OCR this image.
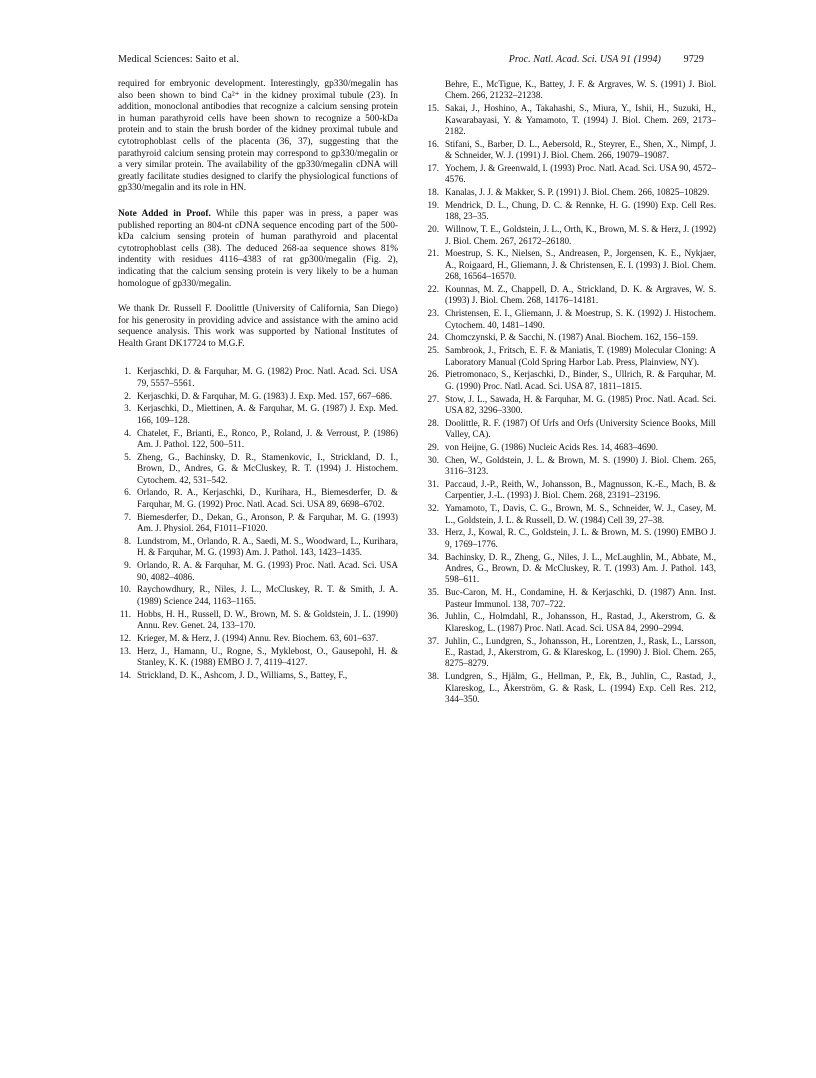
Medical Sciences: Saito et al.	Proc. Natl. Acad. Sci. USA 91 (1994) 9729

required for embryonic development. Interestingly, gp330/megalin has also been shown to bind Ca²⁺ in the kidney proximal tubule (23). In addition, monoclonal antibodies that recognize a calcium sensing protein in human parathyroid cells have been shown to recognize a 500-kDa protein and to stain the brush border of the kidney proximal tubule and cytotrophoblast cells of the placenta (36, 37), suggesting that the parathyroid calcium sensing protein may correspond to gp330/megalin or a very similar protein. The availability of the gp330/megalin cDNA will greatly facilitate studies designed to clarify the physiological functions of gp330/megalin and its role in HN.

Note Added in Proof. While this paper was in press, a paper was published reporting an 804-nt cDNA sequence encoding part of the 500-kDa calcium sensing protein of human parathyroid and placental cytotrophoblast cells (38). The deduced 268-aa sequence shows 81% indentity with residues 4116–4383 of rat gp300/megalin (Fig. 2), indicating that the calcium sensing protein is very likely to be a human homologue of gp330/megalin.

We thank Dr. Russell F. Doolittle (University of California, San Diego) for his generosity in providing advice and assistance with the amino acid sequence analysis. This work was supported by National Institutes of Health Grant DK17724 to M.G.F.

1 . Kerjaschki, D. & Farquhar, M. G. (1982) Proc. Natl. Acad. Sci. USA 79, 5557–5561.
2 . Kerjaschki, D. & Farquhar, M. G. (1983) J. Exp. Med. 157, 667–686.
3 . Kerjaschki, D., Miettinen, A. & Farquhar, M. G. (1987) J. Exp. Med. 166, 109–128.
4 . Chatelet, F., Brianti, E., Ronco, P., Roland, J. & Verroust, P. (1986) Am. J. Pathol. 122, 500–511.
5 . Zheng, G., Bachinsky, D. R., Stamenkovic, I., Strickland, D. I., Brown, D., Andres, G. & McCluskey, R. T. (1994) J. Histochem. Cytochem. 42, 531–542.
6 . Orlando, R. A., Kerjaschki, D., Kurihara, H., Biemesderfer, D. & Farquhar, M. G. (1992) Proc. Natl. Acad. Sci. USA 89, 6698–6702.
7 . Biemesderfer, D., Dekan, G., Aronson, P. & Farquhar, M. G. (1993) Am. J. Physiol. 264, F1011–F1020.
8 . Lundstrom, M., Orlando, R. A., Saedi, M. S., Woodward, L., Kurihara, H. & Farquhar, M. G. (1993) Am. J. Pathol. 143, 1423–1435.
9 . Orlando, R. A. & Farquhar, M. G. (1993) Proc. Natl. Acad. Sci. USA 90, 4082–4086.
10 . Raychowdhury, R., Niles, J. L., McCluskey, R. T. & Smith, J. A. (1989) Science 244, 1163–1165.
11 . Hobbs, H. H., Russell, D. W., Brown, M. S. & Goldstein, J. L. (1990) Annu. Rev. Genet. 24, 133–170.
12 . Krieger, M. & Herz, J. (1994) Annu. Rev. Biochem. 63, 601–637.
13 . Herz, J., Hamann, U., Rogne, S., Myklebost, O., Gausepohl, H. & Stanley, K. K. (1988) EMBO J. 7, 4119–4127.
14 . Strickland, D. K., Ashcom, J. D., Williams, S., Battey, F.,
Behre, E., McTigue, K., Battey, J. F. & Argraves, W. S. (1991) J. Biol. Chem. 266, 21232–21238.
15 . Sakai, J., Hoshino, A., Takahashi, S., Miura, Y., Ishii, H., Suzuki, H., Kawarabayasi, Y. & Yamamoto, T. (1994) J. Biol. Chem. 269, 2173–2182.
16 . Stifani, S., Barber, D. L., Aebersold, R., Steyrer, E., Shen, X., Nimpf, J. & Schneider, W. J. (1991) J. Biol. Chem. 266, 19079–19087.
17 . Yochem, J. & Greenwald, I. (1993) Proc. Natl. Acad. Sci. USA 90, 4572–4576.
18 . Kanalas, J. J. & Makker, S. P. (1991) J. Biol. Chem. 266, 10825–10829.
19 . Mendrick, D. L., Chung, D. C. & Rennke, H. G. (1990) Exp. Cell Res. 188, 23–35.
20 . Willnow, T. E., Goldstein, J. L., Orth, K., Brown, M. S. & Herz, J. (1992) J. Biol. Chem. 267, 26172–26180.
21 . Moestrup, S. K., Nielsen, S., Andreasen, P., Jorgensen, K. E., Nykjaer, A., Roigaard, H., Gliemann, J. & Christensen, E. I. (1993) J. Biol. Chem. 268, 16564–16570.
22 . Kounnas, M. Z., Chappell, D. A., Strickland, D. K. & Argraves, W. S. (1993) J. Biol. Chem. 268, 14176–14181.
23 . Christensen, E. I., Gliemann, J. & Moestrup, S. K. (1992) J. Histochem. Cytochem. 40, 1481–1490.
24 . Chomczynski, P. & Sacchi, N. (1987) Anal. Biochem. 162, 156–159.
25 . Sambrook, J., Fritsch, E. F. & Maniatis, T. (1989) Molecular Cloning: A Laboratory Manual (Cold Spring Harbor Lab. Press, Plainview, NY).
26 . Pietromonaco, S., Kerjaschki, D., Binder, S., Ullrich, R. & Farquhar, M. G. (1990) Proc. Natl. Acad. Sci. USA 87, 1811–1815.
27 . Stow, J. L., Sawada, H. & Farquhar, M. G. (1985) Proc. Natl. Acad. Sci. USA 82, 3296–3300.
28 . Doolittle, R. F. (1987) Of Urfs and Orfs (University Science Books, Mill Valley, CA).
29 . von Heijne, G. (1986) Nucleic Acids Res. 14, 4683–4690.
30 . Chen, W., Goldstein, J. L. & Brown, M. S. (1990) J. Biol. Chem. 265, 3116–3123.
31 . Paccaud, J.-P., Reith, W., Johansson, B., Magnusson, K.-E., Mach, B. & Carpentier, J.-L. (1993) J. Biol. Chem. 268, 23191–23196.
32 . Yamamoto, T., Davis, C. G., Brown, M. S., Schneider, W. J., Casey, M. L., Goldstein, J. L. & Russell, D. W. (1984) Cell 39, 27–38.
33 . Herz, J., Kowal, R. C., Goldstein, J. L. & Brown, M. S. (1990) EMBO J. 9, 1769–1776.
34 . Bachinsky, D. R., Zheng, G., Niles, J. L., McLaughlin, M., Abbate, M., Andres, G., Brown, D. & McCluskey, R. T. (1993) Am. J. Pathol. 143, 598–611.
35 . Buc-Caron, M. H., Condamine, H. & Kerjaschki, D. (1987) Ann. Inst. Pasteur Immunol. 138, 707–722.
36 . Juhlin, C., Holmdahl, R., Johansson, H., Rastad, J., Akerstrom, G. & Klareskog, L. (1987) Proc. Natl. Acad. Sci. USA 84, 2990–2994.
37 . Juhlin, C., Lundgren, S., Johansson, H., Lorentzen, J., Rask, L., Larsson, E., Rastad, J., Akerstrom, G. & Klareskog, L. (1990) J. Biol. Chem. 265, 8275–8279.
38 . Lundgren, S., Hjälm, G., Hellman, P., Ek, B., Juhlin, C., Rastad, J., Klareskog, L., Åkerström, G. & Rask, L. (1994) Exp. Cell Res. 212, 344–350.
